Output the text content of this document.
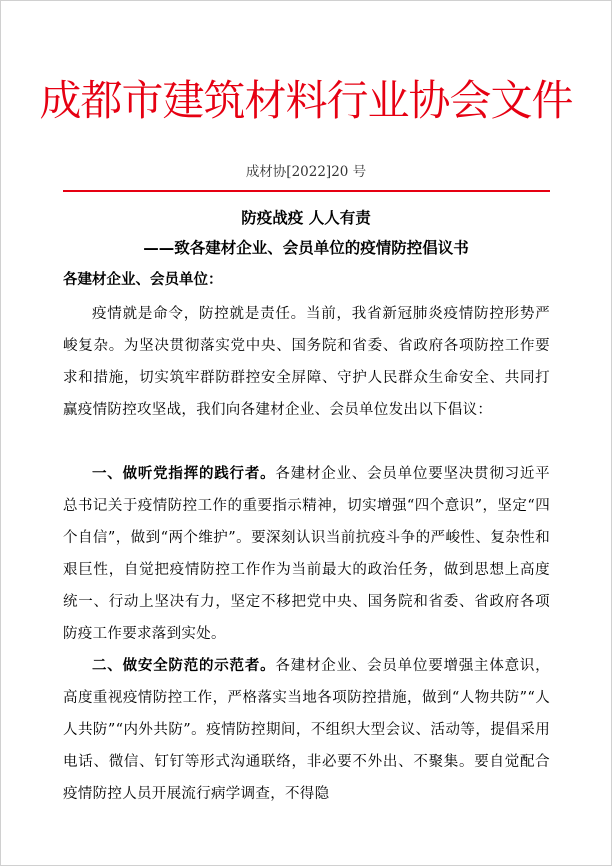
成都市建筑材料行业协会文件
成材协[2022]20 号
防疫战疫 人人有责
——致各建材企业、会员单位的疫情防控倡议书
各建材企业、会员单位：
疫情就是命令，防控就是责任。当前，我省新冠肺炎疫情防控形势严峻复杂。为坚决贯彻落实党中央、国务院和省委、省政府各项防控工作要求和措施，切实筑牢群防群控安全屏障、守护人民群众生命安全、共同打赢疫情防控攻坚战，我们向各建材企业、会员单位发出以下倡议：
一、做听党指挥的践行者。各建材企业、会员单位要坚决贯彻习近平总书记关于疫情防控工作的重要指示精神，切实增强“四个意识”，坚定“四个自信”，做到“两个维护”。要深刻认识当前抗疫斗争的严峻性、复杂性和艰巨性，自觉把疫情防控工作作为当前最大的政治任务，做到思想上高度统一、行动上坚决有力，坚定不移把党中央、国务院和省委、省政府各项防疫工作要求落到实处。
二、做安全防范的示范者。各建材企业、会员单位要增强主体意识，高度重视疫情防控工作，严格落实当地各项防控措施，做到“人物共防”“人人共防”“内外共防”。疫情防控期间，不组织大型会议、活动等，提倡采用电话、微信、钉钉等形式沟通联络，非必要不外出、不聚集。要自觉配合疫情防控人员开展流行病学调查，不得隐
